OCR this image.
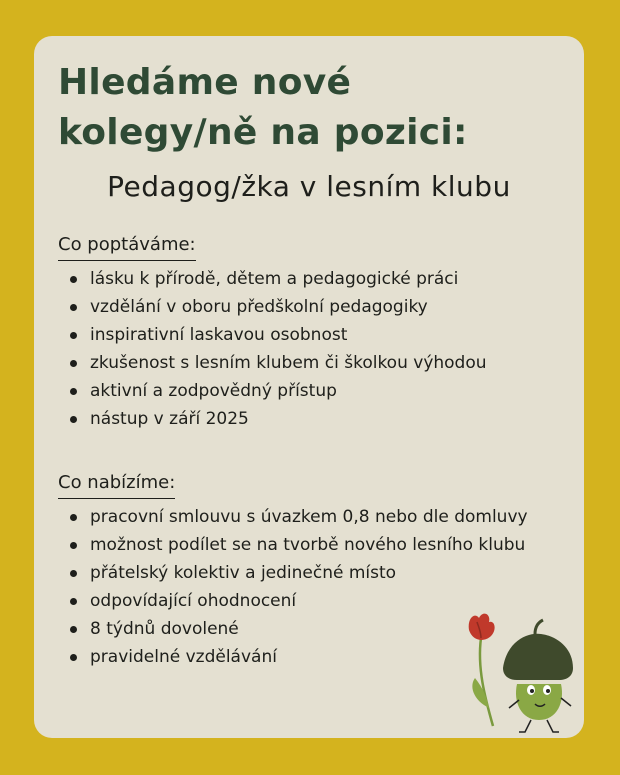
Hledáme nové kolegy/ně na pozici:
Pedagog/žka v lesním klubu
Co poptáváme:
lásku k přírodě, dětem a pedagogické práci
vzdělání v oboru předškolní pedagogiky
inspirativní laskavou osobnost
zkušenost s lesním klubem či školkou výhodou
aktivní a zodpovědný přístup
nástup v září 2025
Co nabízíme:
pracovní smlouvu s úvazkem 0,8 nebo dle domluvy
možnost podílet se na tvorbě nového lesního klubu
přátelský kolektiv a jedinečné místo
odpovídající ohodnocení
8 týdnů dovolené
pravidelné vzdělávání
